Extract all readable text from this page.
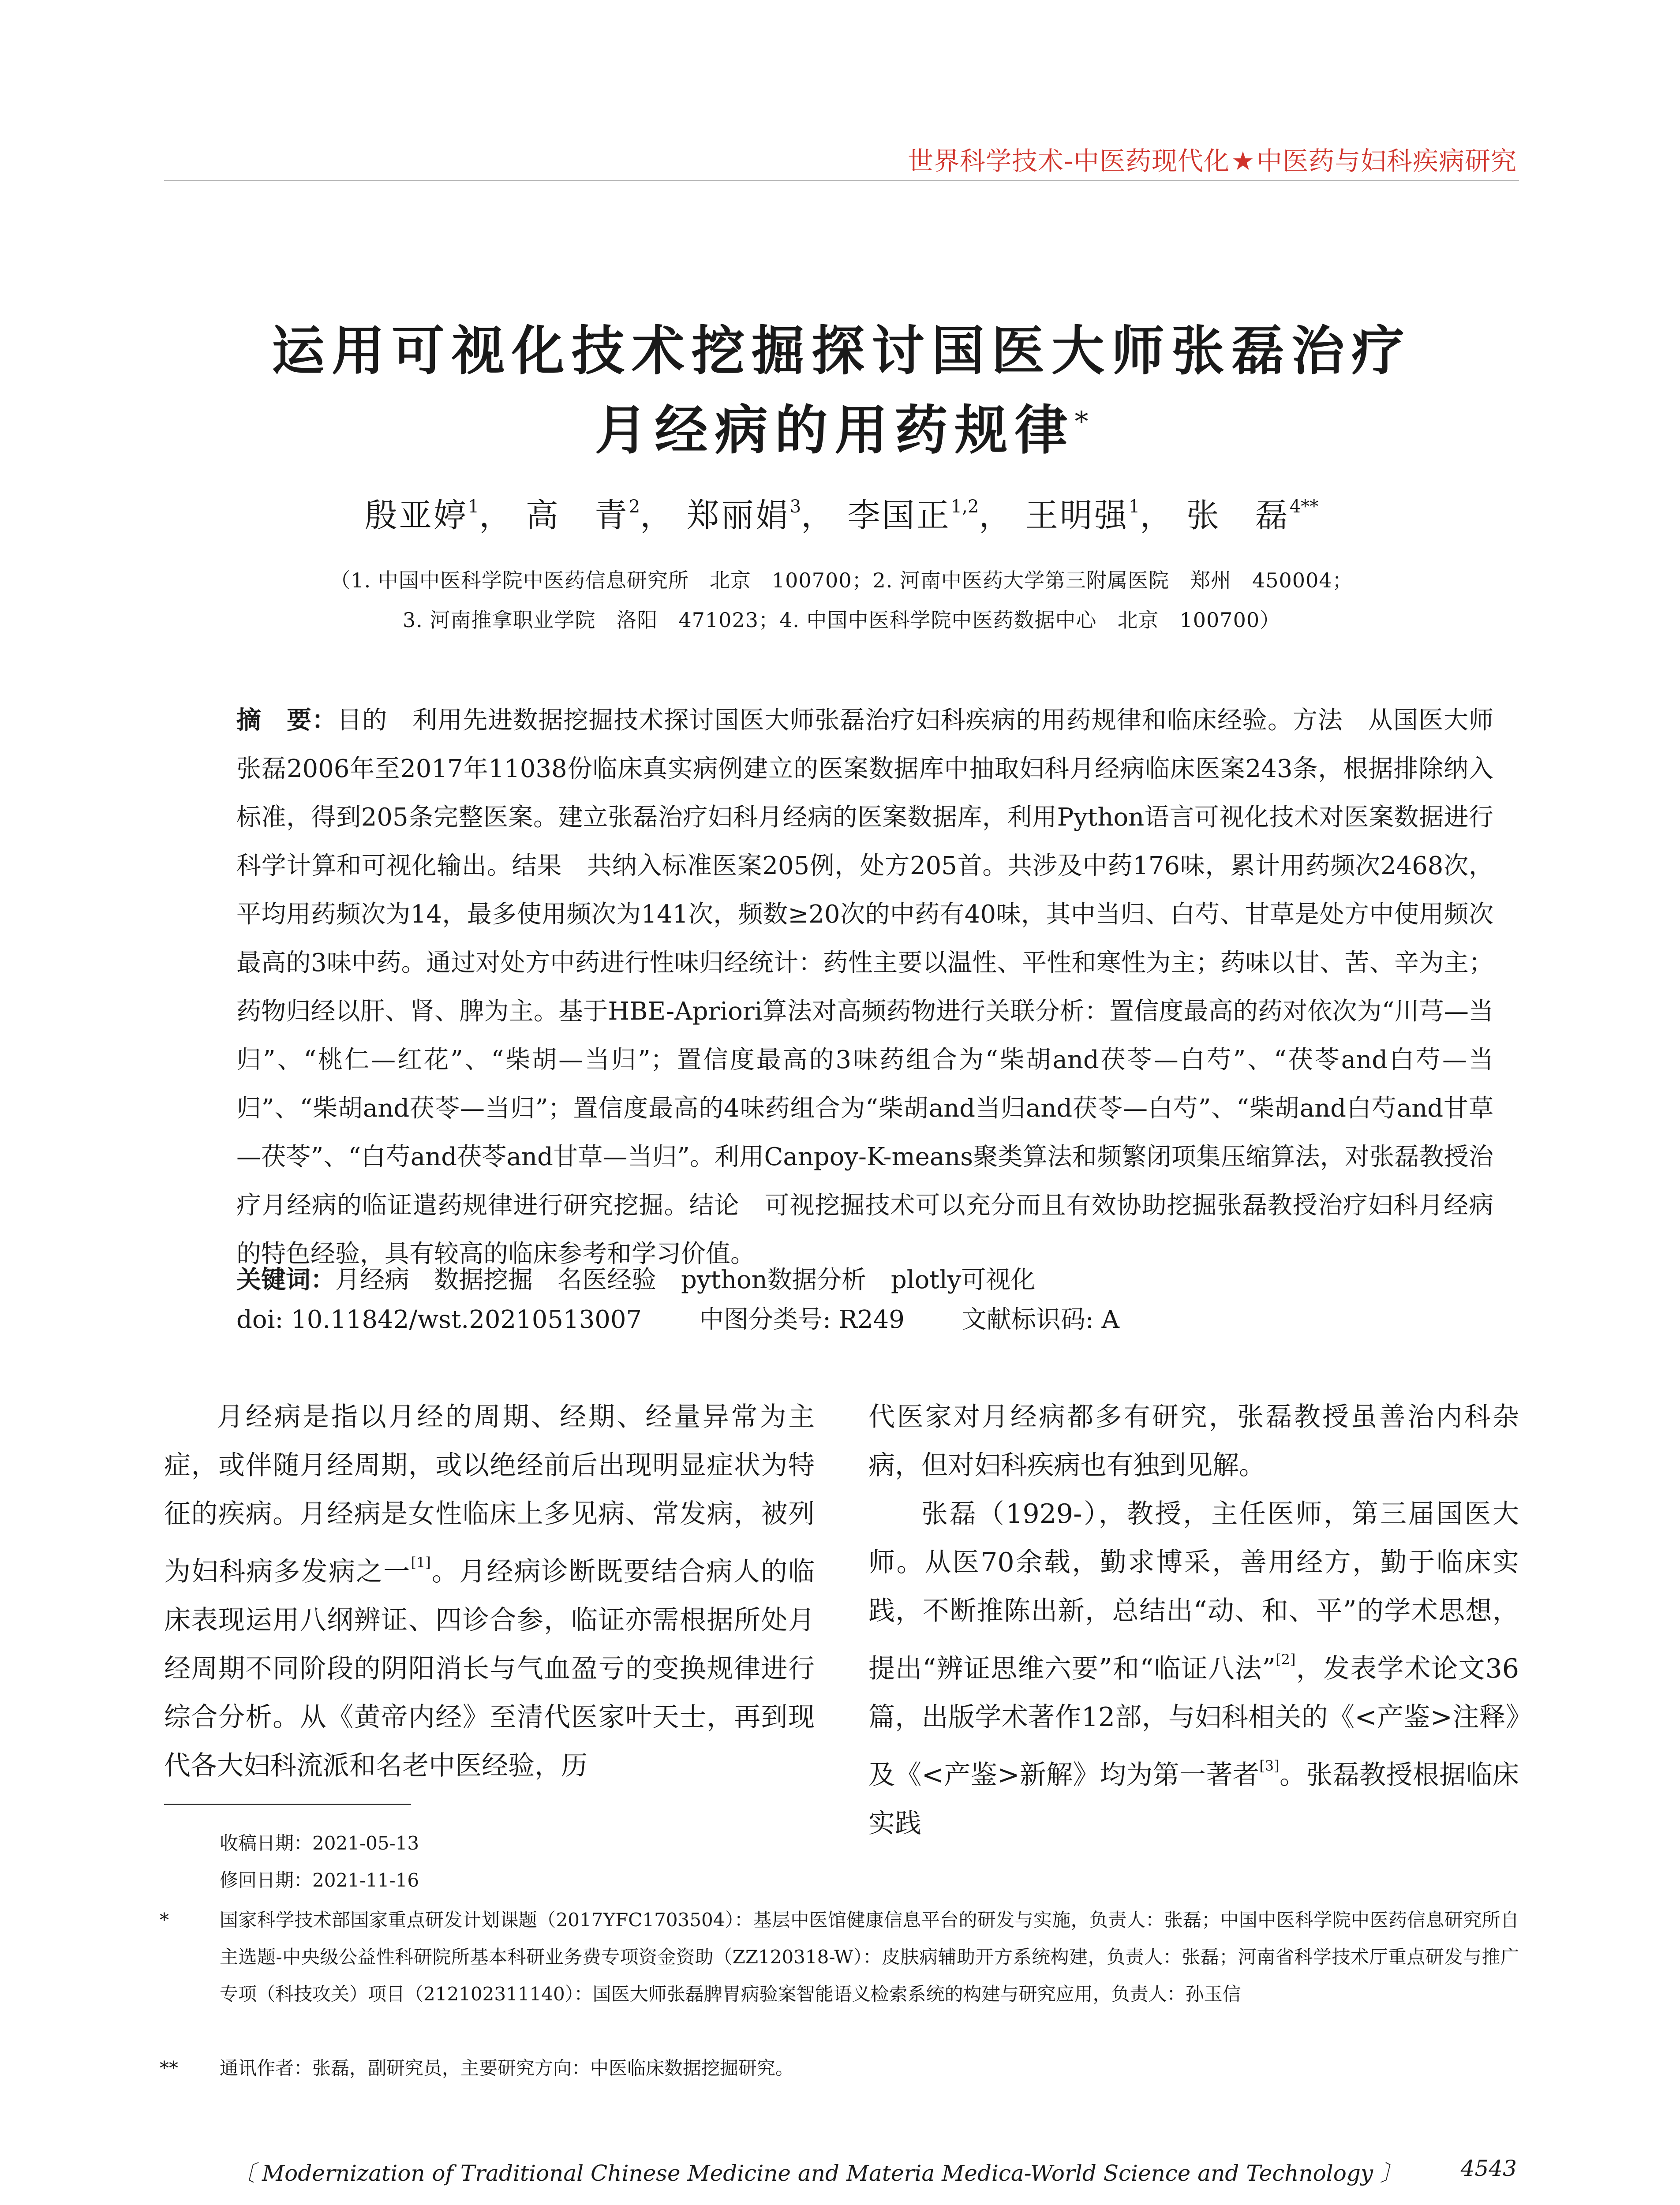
世界科学技术-中医药现代化★中医药与妇科疾病研究
运用可视化技术挖掘探讨国医大师张磊治疗
月经病的用药规律*
殷亚婷$^1$， 高　青$^2$， 郑丽娟$^3$， 李国正$^{1,2}$， 王明强$^1$， 张　磊$^{4**}$
（1. 中国中医科学院中医药信息研究所　北京　100700；2. 河南中医药大学第三附属医院　郑州　450004；
3. 河南推拿职业学院　洛阳　471023；4. 中国中医科学院中医药数据中心　北京　100700）
摘　要：目的　利用先进数据挖掘技术探讨国医大师张磊治疗妇科疾病的用药规律和临床经验。方法　从国医大师张磊2006年至2017年11038份临床真实病例建立的医案数据库中抽取妇科月经病临床医案243条，根据排除纳入标准，得到205条完整医案。建立张磊治疗妇科月经病的医案数据库，利用Python语言可视化技术对医案数据进行科学计算和可视化输出。结果　共纳入标准医案205例，处方205首。共涉及中药176味，累计用药频次2468次，平均用药频次为14，最多使用频次为141次，频数≥20次的中药有40味，其中当归、白芍、甘草是处方中使用频次最高的3味中药。通过对处方中药进行性味归经统计：药性主要以温性、平性和寒性为主；药味以甘、苦、辛为主；药物归经以肝、肾、脾为主。基于HBE-Apriori算法对高频药物进行关联分析：置信度最高的药对依次为“川芎—当归”、“桃仁—红花”、“柴胡—当归”；置信度最高的3味药组合为“柴胡and茯苓—白芍”、“茯苓and白芍—当归”、“柴胡and茯苓—当归”；置信度最高的4味药组合为“柴胡and当归and茯苓—白芍”、“柴胡and白芍and甘草—茯苓”、“白芍and茯苓and甘草—当归”。利用Canpoy-K-means聚类算法和频繁闭项集压缩算法，对张磊教授治疗月经病的临证遣药规律进行研究挖掘。结论　可视挖掘技术可以充分而且有效协助挖掘张磊教授治疗妇科月经病的特色经验，具有较高的临床参考和学习价值。
关键词：月经病　数据挖掘　名医经验　python数据分析　plotly可视化
doi: 10.11842/wst.20210513007 中图分类号: R249 文献标识码: A

月经病是指以月经的周期、经期、经量异常为主症，或伴随月经周期，或以绝经前后出现明显症状为特征的疾病。月经病是女性临床上多见病、常发病，被列为妇科病多发病之一[1]。月经病诊断既要结合病人的临床表现运用八纲辨证、四诊合参，临证亦需根据所处月经周期不同阶段的阴阳消长与气血盈亏的变换规律进行综合分析。从《黄帝内经》至清代医家叶天士，再到现代各大妇科流派和名老中医经验，历

代医家对月经病都多有研究，张磊教授虽善治内科杂病，但对妇科疾病也有独到见解。

张磊（1929-），教授，主任医师，第三届国医大师。从医70余载，勤求博采，善用经方，勤于临床实践，不断推陈出新，总结出“动、和、平”的学术思想，提出“辨证思维六要”和“临证八法”[2]，发表学术论文36篇，出版学术著作12部，与妇科相关的《<产鉴>注释》及《<产鉴>新解》均为第一著者[3]。张磊教授根据临床实践

收稿日期：2021-05-13
修回日期：2021-11-16
*	国家科学技术部国家重点研发计划课题（2017YFC1703504）：基层中医馆健康信息平台的研发与实施，负责人：张磊；中国中医科学院中医药信息研究所自主选题-中央级公益性科研院所基本科研业务费专项资金资助（ZZ120318-W）：皮肤病辅助开方系统构建，负责人：张磊；河南省科学技术厅重点研发与推广专项（科技攻关）项目（212102311140）：国医大师张磊脾胃病验案智能语义检索系统的构建与研究应用，负责人：孙玉信
** 通讯作者：张磊，副研究员，主要研究方向：中医临床数据挖掘研究。
〔 Modernization of Traditional Chinese Medicine and Materia Medica-World Science and Technology 〕	4543
